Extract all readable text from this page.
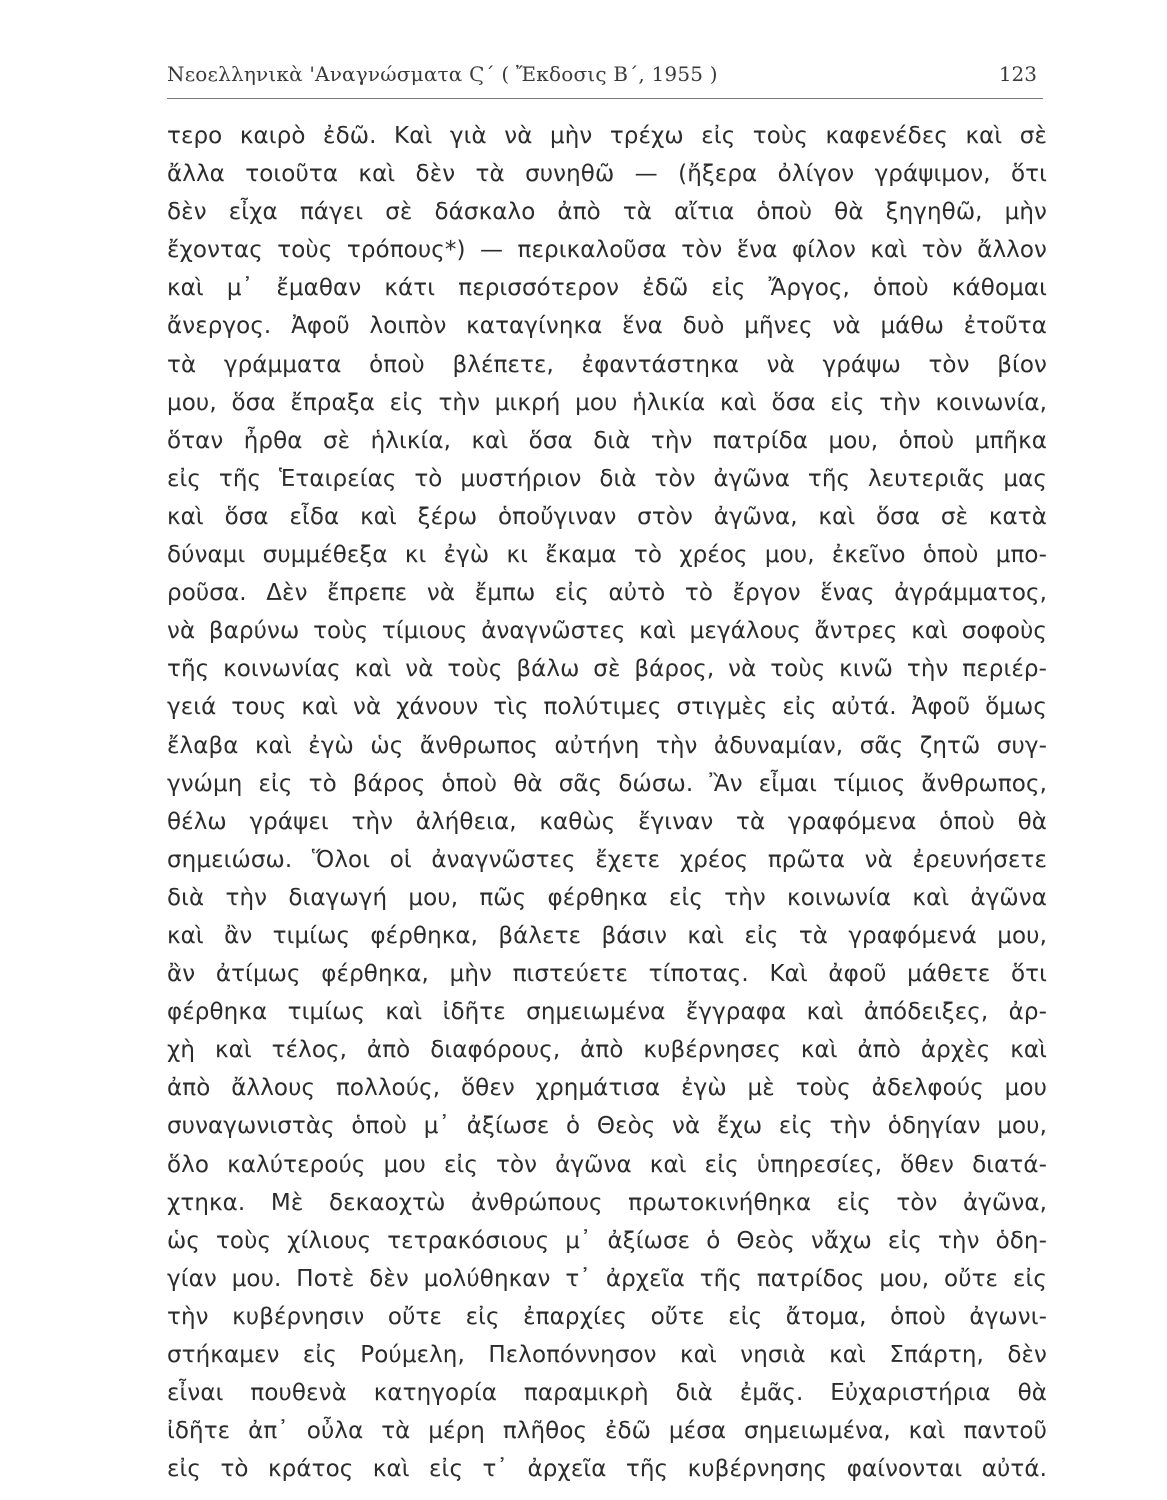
Νεοελληνικὰ 'Αναγνώσματα Ϛ΄ ( Ἔκδοσις Β΄, 1955 )	123
τερο καιρὸ ἐδῶ. Καὶ γιὰ νὰ μὴν τρέχω εἰς τοὺς καφενέδες καὶ σὲ
ἄλλα τοιοῦτα καὶ δὲν τὰ συνηθῶ — (ἤξερα ὀλίγον γράψιμον, ὅτι
δὲν εἶχα πάγει σὲ δάσκαλο ἀπὸ τὰ αἴτια ὁποὺ θὰ ξηγηθῶ, μὴν
ἔχοντας τοὺς τρόπους*) — περικαλοῦσα τὸν ἕνα φίλον καὶ τὸν ἄλλον
καὶ μ᾽ ἔμαθαν κάτι περισσότερον ἐδῶ εἰς Ἄργος, ὁποὺ κάθομαι
ἄνεργος. Ἀφοῦ λοιπὸν καταγίνηκα ἕνα δυὸ μῆνες νὰ μάθω ἐτοῦτα
τὰ γράμματα ὁποὺ βλέπετε, ἐφαντάστηκα νὰ γράψω τὸν βίον
μου, ὅσα ἔπραξα εἰς τὴν μικρή μου ἡλικία καὶ ὅσα εἰς τὴν κοινωνία,
ὅταν ἦρθα σὲ ἡλικία, καὶ ὅσα διὰ τὴν πατρίδα μου, ὁποὺ μπῆκα
εἰς τῆς Ἑταιρείας τὸ μυστήριον διὰ τὸν ἀγῶνα τῆς λευτεριᾶς μας
καὶ ὅσα εἶδα καὶ ξέρω ὁποὔγιναν στὸν ἀγῶνα, καὶ ὅσα σὲ κατὰ
δύναμι συμμέθεξα κι ἐγὼ κι ἔκαμα τὸ χρέος μου, ἐκεῖνο ὁποὺ μπο-
ροῦσα. Δὲν ἔπρεπε νὰ ἔμπω εἰς αὐτὸ τὸ ἔργον ἕνας ἀγράμματος,
νὰ βαρύνω τοὺς τίμιους ἀναγνῶστες καὶ μεγάλους ἄντρες καὶ σοφοὺς
τῆς κοινωνίας καὶ νὰ τοὺς βάλω σὲ βάρος, νὰ τοὺς κινῶ τὴν περιέρ-
γειά τους καὶ νὰ χάνουν τὶς πολύτιμες στιγμὲς εἰς αὐτά. Ἀφοῦ ὅμως
ἔλαβα καὶ ἐγὼ ὡς ἄνθρωπος αὐτήνη τὴν ἀδυναμίαν, σᾶς ζητῶ συγ-
γνώμη εἰς τὸ βάρος ὁποὺ θὰ σᾶς δώσω. Ἂν εἶμαι τίμιος ἄνθρωπος,
θέλω γράψει τὴν ἀλήθεια, καθὼς ἔγιναν τὰ γραφόμενα ὁποὺ θὰ
σημειώσω. Ὅλοι οἱ ἀναγνῶστες ἔχετε χρέος πρῶτα νὰ ἐρευνήσετε
διὰ τὴν διαγωγή μου, πῶς φέρθηκα εἰς τὴν κοινωνία καὶ ἀγῶνα
καὶ ἂν τιμίως φέρθηκα, βάλετε βάσιν καὶ εἰς τὰ γραφόμενά μου,
ἂν ἀτίμως φέρθηκα, μὴν πιστεύετε τίποτας. Καὶ ἀφοῦ μάθετε ὅτι
φέρθηκα τιμίως καὶ ἰδῆτε σημειωμένα ἔγγραφα καὶ ἀπόδειξες, ἀρ-
χὴ καὶ τέλος, ἀπὸ διαφόρους, ἀπὸ κυβέρνησες καὶ ἀπὸ ἀρχὲς καὶ
ἀπὸ ἄλλους πολλούς, ὅθεν χρημάτισα ἐγὼ μὲ τοὺς ἀδελφούς μου
συναγωνιστὰς ὁποὺ μ᾽ ἀξίωσε ὁ Θεὸς νὰ ἔχω εἰς τὴν ὁδηγίαν μου,
ὅλο καλύτερούς μου εἰς τὸν ἀγῶνα καὶ εἰς ὑπηρεσίες, ὅθεν διατά-
χτηκα. Μὲ δεκαοχτὼ ἀνθρώπους πρωτοκινήθηκα εἰς τὸν ἀγῶνα,
ὡς τοὺς χίλιους τετρακόσιους μ᾽ ἀξίωσε ὁ Θεὸς νἄχω εἰς τὴν ὁδη-
γίαν μου. Ποτὲ δὲν μολύθηκαν τ᾽ ἀρχεῖα τῆς πατρίδος μου, οὔτε εἰς
τὴν κυβέρνησιν οὔτε εἰς ἐπαρχίες οὔτε εἰς ἄτομα, ὁποὺ ἀγωνι-
στήκαμεν εἰς Ρούμελη, Πελοπόννησον καὶ νησιὰ καὶ Σπάρτη, δὲν
εἶναι πουθενὰ κατηγορία παραμικρὴ διὰ ἐμᾶς. Εὐχαριστήρια θὰ
ἰδῆτε ἀπ᾽ οὖλα τὰ μέρη πλῆθος ἐδῶ μέσα σημειωμένα, καὶ παντοῦ
εἰς τὸ κράτος καὶ εἰς τ᾽ ἀρχεῖα τῆς κυβέρνησης φαίνονται αὐτά.
